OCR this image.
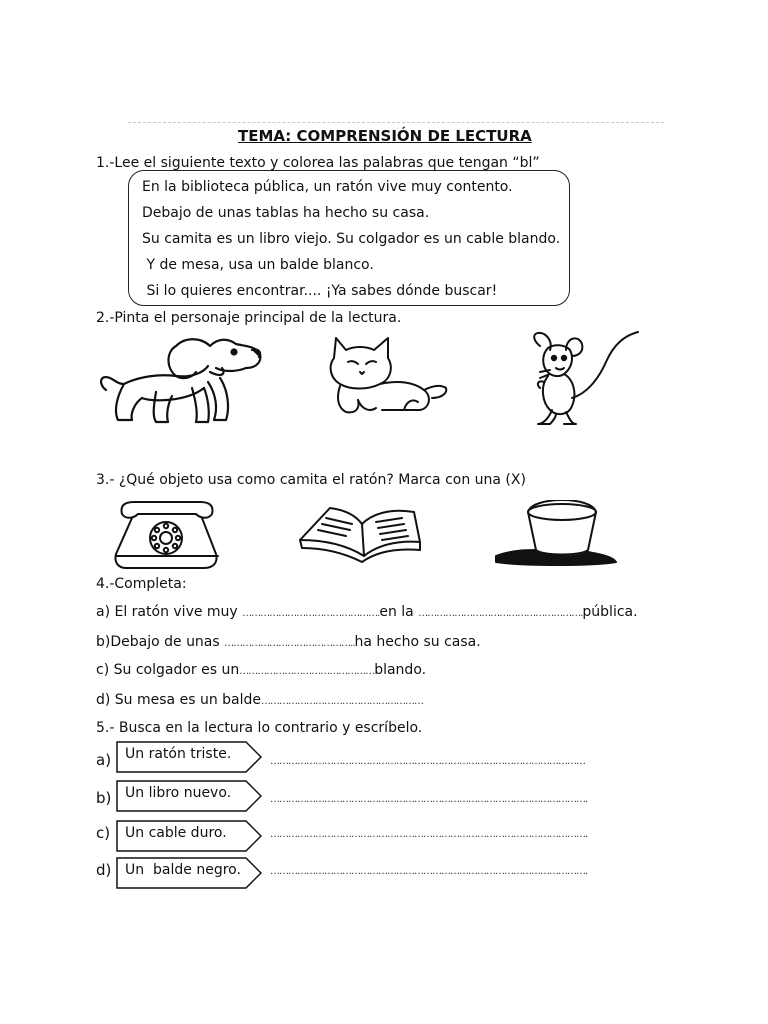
TEMA: COMPRENSIÓN DE LECTURA
1.-Lee el siguiente texto y colorea las palabras que tengan “bl”
En la biblioteca pública, un ratón vive muy contento.
Debajo de unas tablas ha hecho su casa.
Su camita es un libro viejo. Su colgador es un cable blando.
Y de mesa, usa un balde blanco.
Si lo quieres encontrar.... ¡Ya sabes dónde buscar!
2.-Pinta el personaje principal de la lectura.
3.- ¿Qué objeto usa como camita el ratón? Marca con una (X)
4.-Completa:
a) El ratón vive muy ……………………………………….en la ……………………………………………….pública.
b)Debajo de unas ……………………………………..ha hecho su casa.
c) Su colgador es un………………………………………blando.
d) Su mesa es un balde………………………………………………
5.- Busca en la lectura lo contrario y escríbelo.
a) Un ratón triste.	……………………………………………………………………………………………
b) Un libro nuevo.	…………………………………………………………………………………………….
c) Un cable duro.	…………………………………………………………………………………………….
d) Un  balde negro.	…………………………………………………………………………………………….
